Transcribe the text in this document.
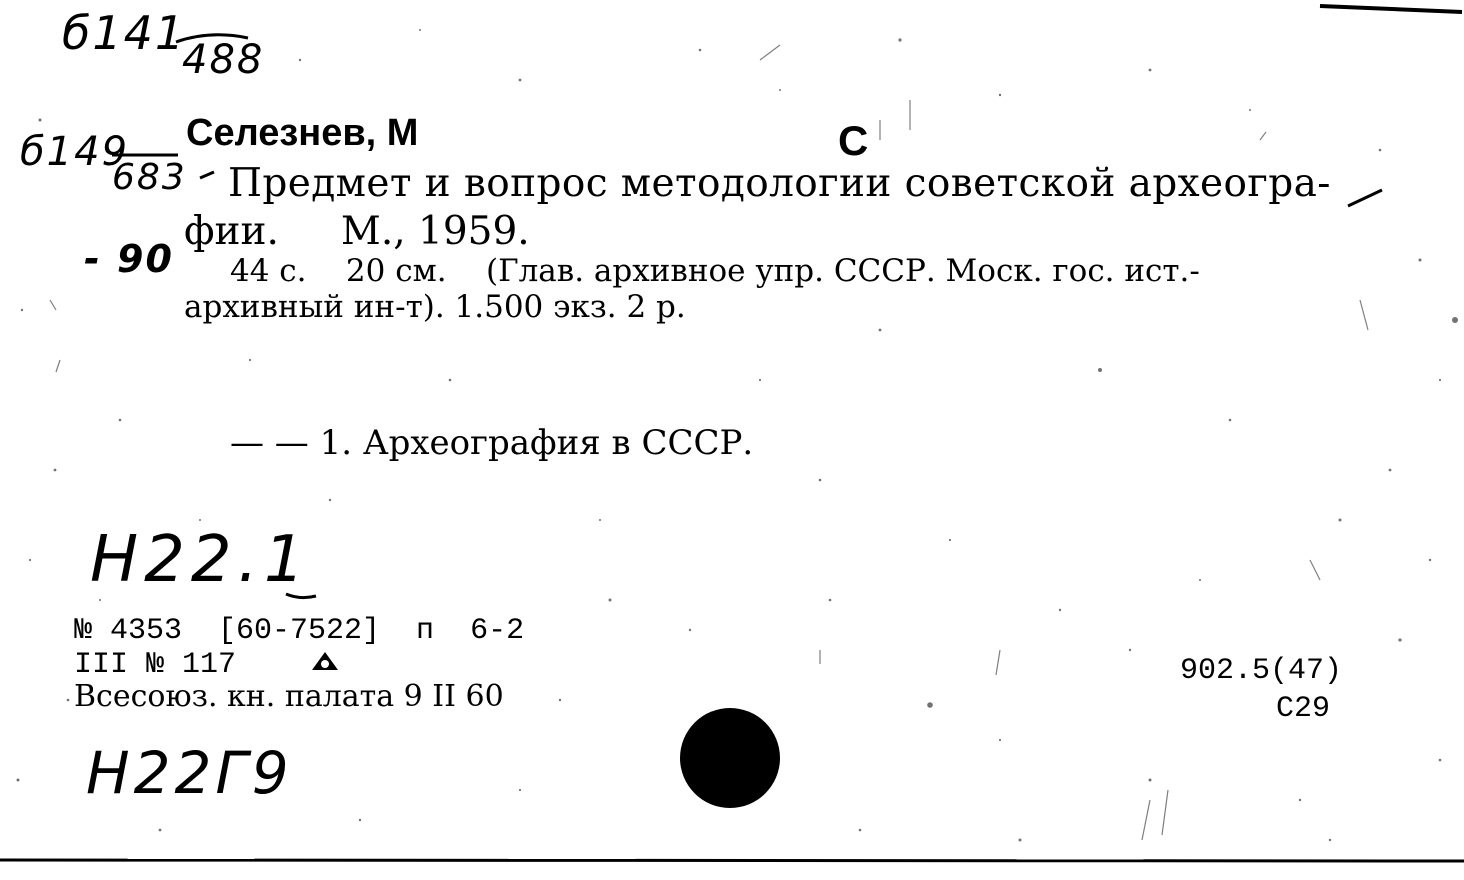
б141
488
б149
683
- 90
Селезнев, М	С
Предмет и вопрос методологии советской археогра-
фии.     М., 1959.
44 с.    20 см.    (Глав. архивное упр. СССР. Моск. гос. ист.-
архивный ин-т). 1.500 экз. 2 р.
— — 1. Археография в СССР.
Н22.1
№ 4353  [60-7522]  п  6-2
III № 117
Всесоюз. кн. палата 9 II 60
Н22Г9
902.5(47)
С29
